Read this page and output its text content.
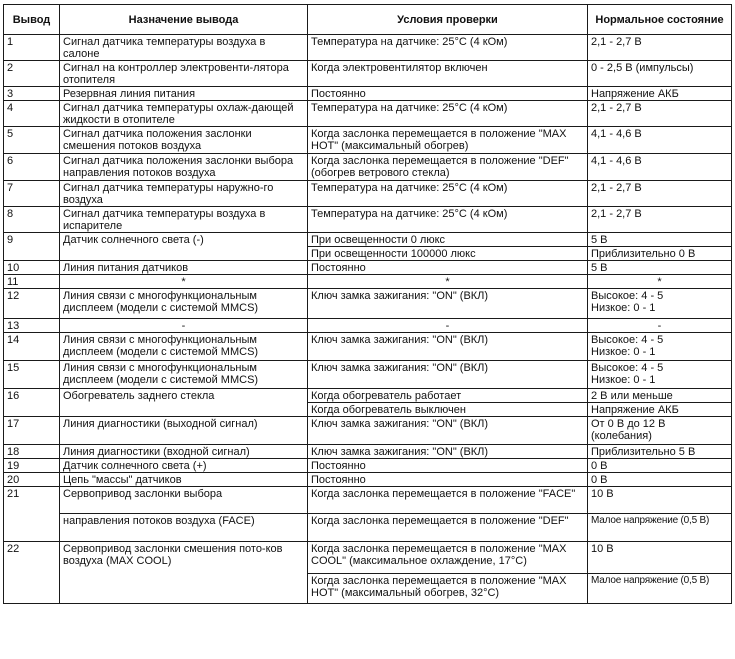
Вывод	Назначение вывода	Условия проверки	Нормальное состояние
1	Сигнал датчика температуры воздуха в салоне	Температура на датчике: 25°С (4 кОм)	2,1 - 2,7 В
2	Сигнал на контроллер электровенти-лятора отопителя	Когда электровентилятор включен	0 - 2,5 В (импульсы)
3	Резервная линия питания	Постоянно	Напряжение АКБ
4	Сигнал датчика температуры охлаж-дающей жидкости в отопителе	Температура на датчике: 25°С (4 кОм)	2,1 - 2,7 В
5	Сигнал датчика положения заслонки смешения потоков воздуха	Когда заслонка перемещается в положение "MAX HOT" (максимальный обогрев)	4,1 - 4,6 В
6	Сигнал датчика положения заслонки выбора направления потоков воздуха	Когда заслонка перемещается в положение "DEF" (обогрев ветрового стекла)	4,1 - 4,6 В
7	Сигнал датчика температуры наружно-го воздуха	Температура на датчике: 25°С (4 кОм)	2,1 - 2,7 В
8	Сигнал датчика температуры воздуха в испарителе	Температура на датчике: 25°С (4 кОм)	2,1 - 2,7 В
9	Датчик солнечного света (-)	При освещенности 0 люкс	5 В
		При освещенности 100000 люкс	Приблизительно 0 В
10	Линия питания датчиков	Постоянно	5 В
11	*	*	*
12	Линия связи с многофункциональным дисплеем (модели с системой MMCS)	Ключ замка зажигания: "ON" (ВКЛ)	Высокое: 4 - 5
Низкое: 0 - 1

13	-	-	-
14	Линия связи с многофункциональным дисплеем (модели с системой MMCS)	Ключ замка зажигания: "ON" (ВКЛ)	Высокое: 4 - 5
Низкое: 0 - 1

15	Линия связи с многофункциональным дисплеем (модели с системой MMCS)	Ключ замка зажигания: "ON" (ВКЛ)	Высокое: 4 - 5
Низкое: 0 - 1

16	Обогреватель заднего стекла	Когда обогреватель работает	2 В или меньше
		Когда обогреватель выключен	Напряжение АКБ
17	Линия диагностики (выходной сигнал)	Ключ замка зажигания: "ON" (ВКЛ)	От 0 В до 12 В (колебания)
18	Линия диагностики (входной сигнал)	Ключ замка зажигания: "ON" (ВКЛ)	Приблизительно 5 В
19	Датчик солнечного света (+)	Постоянно	0 В
20	Цепь "массы" датчиков	Постоянно	0 В
21	Сервопривод заслонки выбора	Когда заслонка перемещается в положение "FACE"	10 В
	направления потоков воздуха (FACE)	Когда заслонка перемещается в положение "DEF"	Малое напряжение (0,5 В)
22	Сервопривод заслонки смешения пото-ков воздуха (MAX COOL)	Когда заслонка перемещается в положение "MAX COOL" (максимальное охлаждение, 17°С)	10 В
		Когда заслонка перемещается в положение "MAX HOT" (максимальный обогрев, 32°С)	Малое напряжение (0,5 В)
